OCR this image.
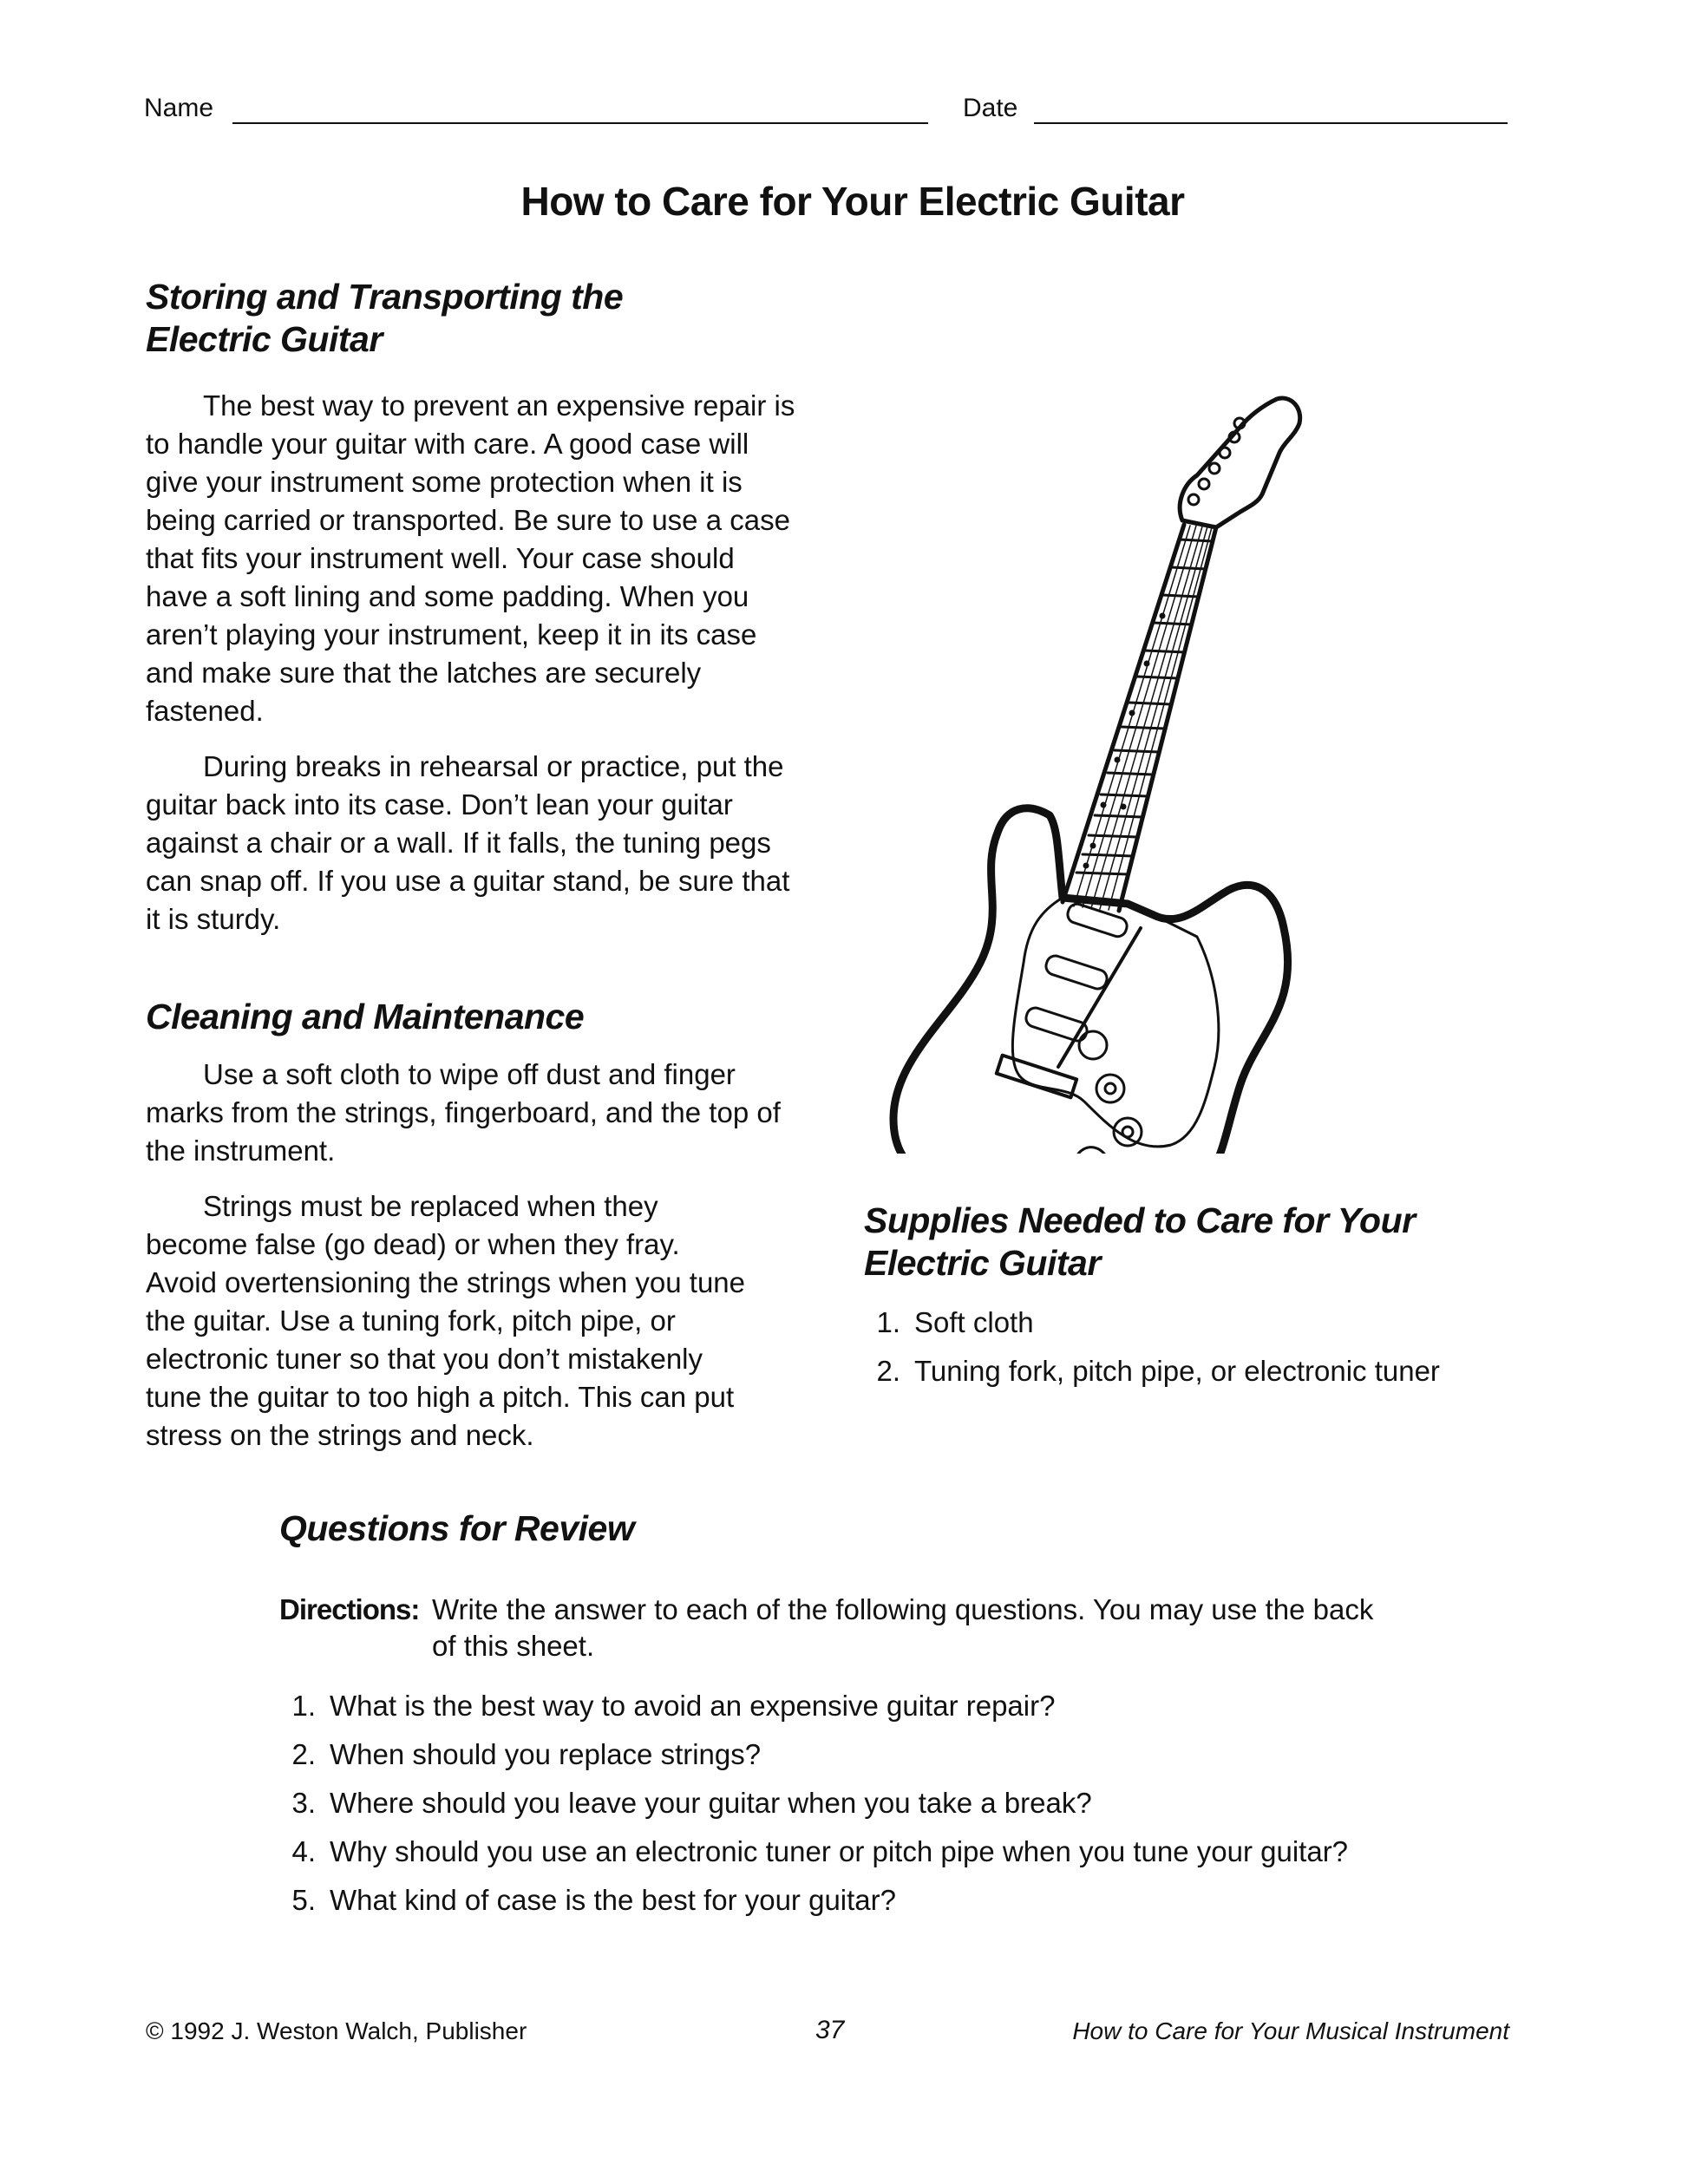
Name	Date
How to Care for Your Electric Guitar
Storing and Transporting the
Electric Guitar

The best way to prevent an expensive repair is to handle your guitar with care. A good case will give your instrument some protection when it is being carried or transported. Be sure to use a case that fits your instrument well. Your case should have a soft lining and some padding. When you aren’t playing your instrument, keep it in its case and make sure that the latches are securely fastened.

During breaks in rehearsal or practice, put the guitar back into its case. Don’t lean your guitar against a chair or a wall. If it falls, the tuning pegs can snap off. If you use a guitar stand, be sure that it is sturdy.

Cleaning and Maintenance

Use a soft cloth to wipe off dust and finger marks from the strings, fingerboard, and the top of the instrument.

Strings must be replaced when they become false (go dead) or when they fray. Avoid overtensioning the strings when you tune the guitar. Use a tuning fork, pitch pipe, or electronic tuner so that you don’t mistakenly tune the guitar to too high a pitch. This can put stress on the strings and neck.

Supplies Needed to Care for Your
Electric Guitar
1. Soft cloth
2. Tuning fork, pitch pipe, or electronic tuner
Questions for Review
Directions: Write the answer to each of the following questions. You may use the back of this sheet.
1. What is the best way to avoid an expensive guitar repair?
2. When should you replace strings?
3. Where should you leave your guitar when you take a break?
4. Why should you use an electronic tuner or pitch pipe when you tune your guitar?
5. What kind of case is the best for your guitar?
© 1992 J. Weston Walch, Publisher	37	How to Care for Your Musical Instrument
